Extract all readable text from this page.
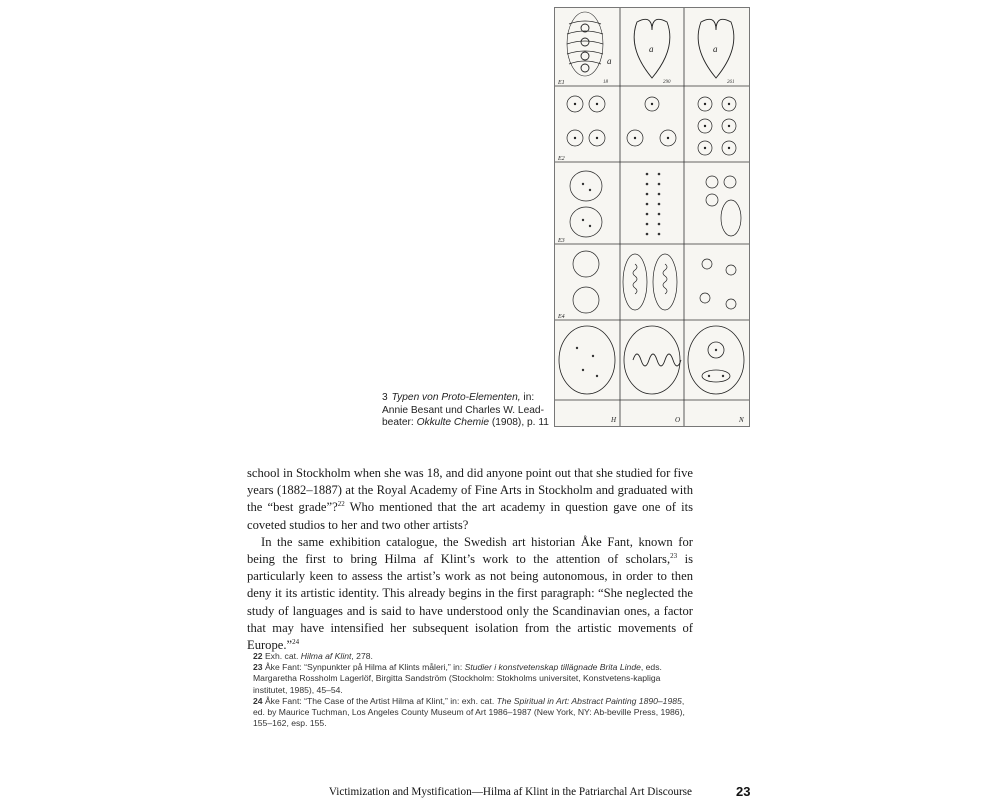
a
a	a
18	290	261
E1
E2
E3
E4
H	O	N
3 Typen von Proto-Elementen, in:
Annie Besant und Charles W. Lead-beater: Okkulte Chemie (1908), p. 11

school in Stockholm when she was 18, and did anyone point out that she studied for five years (1882–1887) at the Royal Academy of Fine Arts in Stockholm and graduated with the “best grade”?$^{22}$ Who mentioned that the art academy in question gave one of its coveted studios to her and two other artists?

In the same exhibition catalogue, the Swedish art historian Åke Fant, known for being the first to bring Hilma af Klint’s work to the attention of scholars,$^{23}$ is particularly keen to assess the artist’s work as not being autonomous, in order to then deny it its artistic identity. This already begins in the first paragraph: “She neglected the study of languages and is said to have understood only the Scandinavian ones, a factor that may have intensified her subsequent isolation from the artistic movements of Europe.”$^{24}$

22 Exh. cat. Hilma af Klint, 278.

23 Åke Fant: “Synpunkter på Hilma af Klints måleri,” in: Studier i konstvetenskap tillägnade Brita Linde, eds. Margaretha Rossholm Lagerlöf, Birgitta Sandström (Stockholm: Stokholms universitet, Konstvetens-kapliga institutet, 1985), 45–54.

24 Åke Fant: “The Case of the Artist Hilma af Klint,” in: exh. cat. The Spiritual in Art: Abstract Painting 1890–1985, ed. by Maurice Tuchman, Los Angeles County Museum of Art 1986–1987 (New York, NY: Ab-beville Press, 1986), 155–162, esp. 155.

Victimization and Mystification—Hilma af Klint in the Patriarchal Art Discourse	23
